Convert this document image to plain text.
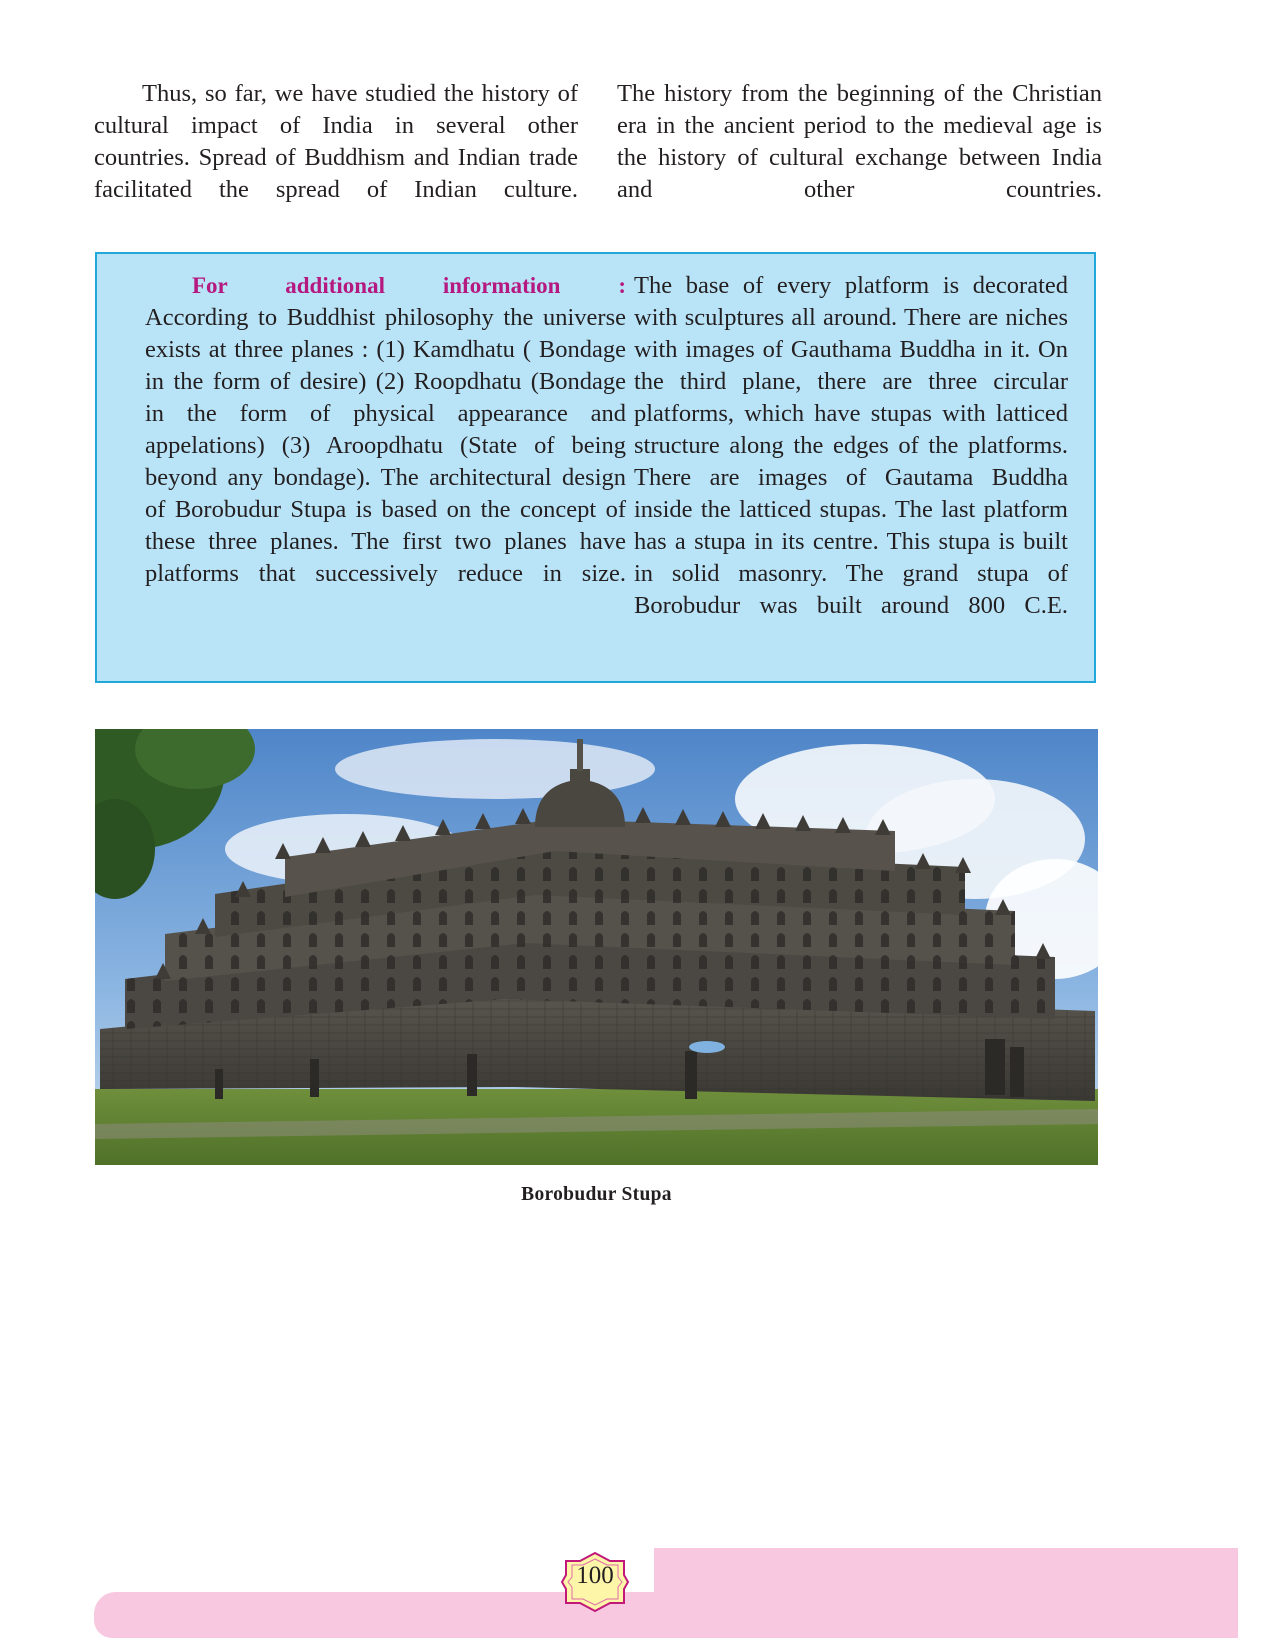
Thus, so far, we have studied the history of cultural impact of India in several other countries. Spread of Buddhism and Indian trade facilitated the spread of Indian culture.

The history from the beginning of the Christian era in the ancient period to the medieval age is the history of cultural exchange between India and other countries.

For additional information :
According to Buddhist philosophy the universe exists at three planes : (1) Kamdhatu ( Bondage in the form of desire) (2) Roopdhatu (Bondage in the form of physical appearance and appelations) (3) Aroopdhatu (State of being beyond any bondage). The architectural design of Borobudur Stupa is based on the concept of these three planes. The first two planes have platforms that successively reduce in size.

The base of every platform is decorated with sculptures all around. There are niches with images of Gauthama Buddha in it. On the third plane, there are three circular platforms, which have stupas with latticed structure along the edges of the platforms. There are images of Gautama Buddha inside the latticed stupas. The last platform has a stupa in its centre. This stupa is built in solid masonry. The grand stupa of Borobudur was built around 800 C.E.

Borobudur Stupa
100
